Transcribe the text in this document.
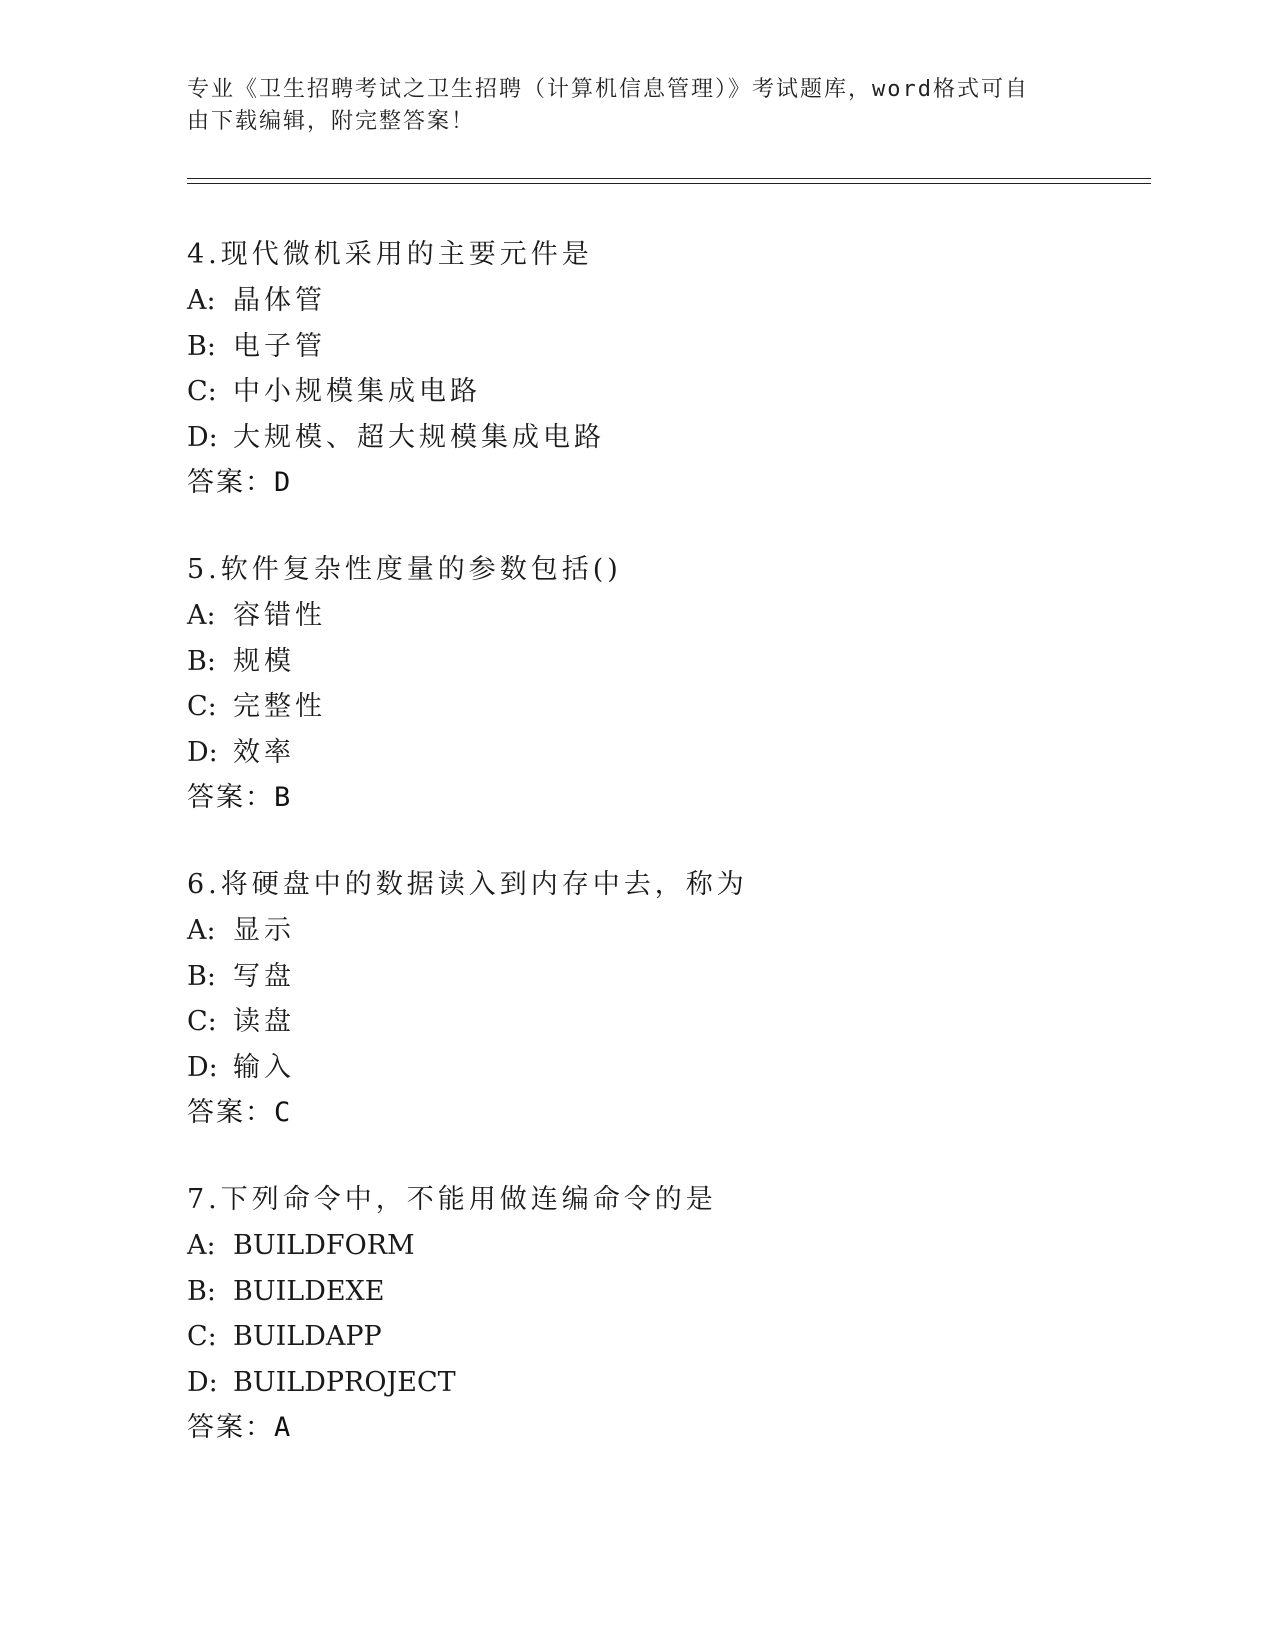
专业《卫生招聘考试之卫生招聘（计算机信息管理）》考试题库，word格式可自
由下载编辑，附完整答案！
4.现代微机采用的主要元件是
A: 晶体管
B: 电子管
C: 中小规模集成电路
D: 大规模、超大规模集成电路
答案：D
5.软件复杂性度量的参数包括()
A: 容错性
B: 规模
C: 完整性
D: 效率
答案：B
6.将硬盘中的数据读入到内存中去，称为
A: 显示
B: 写盘
C: 读盘
D: 输入
答案：C
7.下列命令中，不能用做连编命令的是
A: BUILDFORM
B: BUILDEXE
C: BUILDAPP
D: BUILDPROJECT
答案：A
